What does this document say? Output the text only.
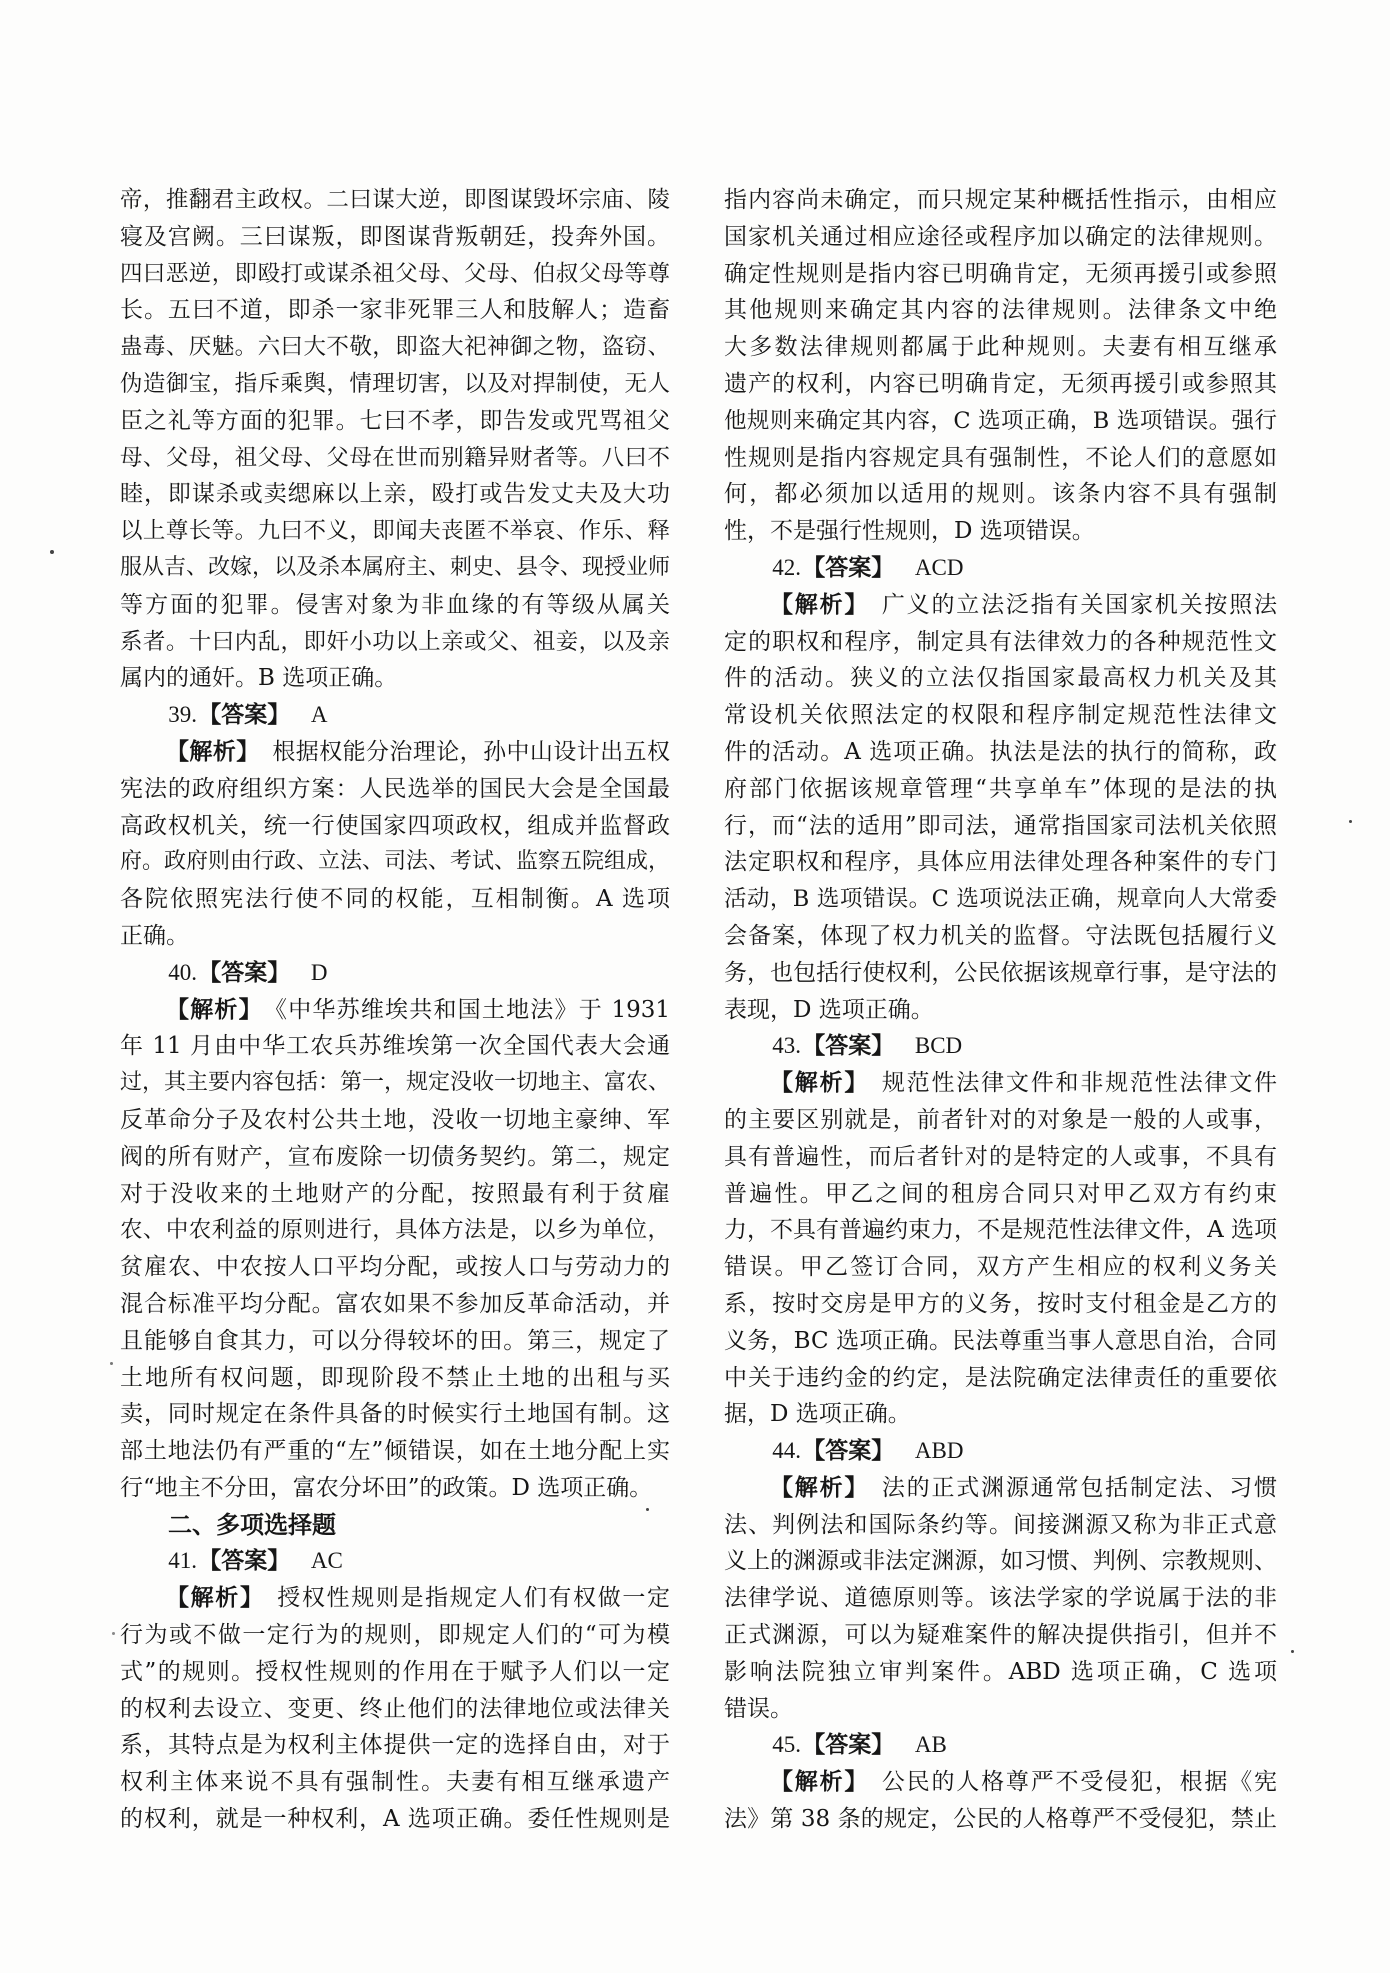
帝，推翻君主政权。二曰谋大逆，即图谋毁坏宗庙、陵
寝及宫阙。三曰谋叛，即图谋背叛朝廷，投奔外国。
四曰恶逆，即殴打或谋杀祖父母、父母、伯叔父母等尊
长。五曰不道，即杀一家非死罪三人和肢解人；造畜
蛊毒、厌魅。六曰大不敬，即盗大祀神御之物，盗窃、
伪造御宝，指斥乘舆，情理切害，以及对捍制使，无人
臣之礼等方面的犯罪。七曰不孝，即告发或咒骂祖父
母、父母，祖父母、父母在世而别籍异财者等。八曰不
睦，即谋杀或卖缌麻以上亲，殴打或告发丈夫及大功
以上尊长等。九曰不义，即闻夫丧匿不举哀、作乐、释
服从吉、改嫁，以及杀本属府主、刺史、县令、现授业师
等方面的犯罪。侵害对象为非血缘的有等级从属关
系者。十曰内乱，即奸小功以上亲或父、祖妾，以及亲
属内的通奸。B 选项正确。
39.【答案】 A
【解析】 根据权能分治理论，孙中山设计出五权
宪法的政府组织方案：人民选举的国民大会是全国最
高政权机关，统一行使国家四项政权，组成并监督政
府。政府则由行政、立法、司法、考试、监察五院组成，
各院依照宪法行使不同的权能，互相制衡。A 选项
正确。
40.【答案】 D
【解析】 《中华苏维埃共和国土地法》于 1931
年 11 月由中华工农兵苏维埃第一次全国代表大会通
过，其主要内容包括：第一，规定没收一切地主、富农、
反革命分子及农村公共土地，没收一切地主豪绅、军
阀的所有财产，宣布废除一切债务契约。第二，规定
对于没收来的土地财产的分配，按照最有利于贫雇
农、中农利益的原则进行，具体方法是，以乡为单位，
贫雇农、中农按人口平均分配，或按人口与劳动力的
混合标准平均分配。富农如果不参加反革命活动，并
且能够自食其力，可以分得较坏的田。第三，规定了
土地所有权问题，即现阶段不禁止土地的出租与买
卖，同时规定在条件具备的时候实行土地国有制。这
部土地法仍有严重的“左”倾错误，如在土地分配上实
行“地主不分田，富农分坏田”的政策。D 选项正确。
二、多项选择题
41.【答案】 AC
【解析】 授权性规则是指规定人们有权做一定
行为或不做一定行为的规则，即规定人们的“可为模
式”的规则。授权性规则的作用在于赋予人们以一定
的权利去设立、变更、终止他们的法律地位或法律关
系，其特点是为权利主体提供一定的选择自由，对于
权利主体来说不具有强制性。夫妻有相互继承遗产
的权利，就是一种权利，A 选项正确。委任性规则是
指内容尚未确定，而只规定某种概括性指示，由相应
国家机关通过相应途径或程序加以确定的法律规则。
确定性规则是指内容已明确肯定，无须再援引或参照
其他规则来确定其内容的法律规则。法律条文中绝
大多数法律规则都属于此种规则。夫妻有相互继承
遗产的权利，内容已明确肯定，无须再援引或参照其
他规则来确定其内容，C 选项正确，B 选项错误。强行
性规则是指内容规定具有强制性，不论人们的意愿如
何，都必须加以适用的规则。该条内容不具有强制
性，不是强行性规则，D 选项错误。
42.【答案】 ACD
【解析】 广义的立法泛指有关国家机关按照法
定的职权和程序，制定具有法律效力的各种规范性文
件的活动。狭义的立法仅指国家最高权力机关及其
常设机关依照法定的权限和程序制定规范性法律文
件的活动。A 选项正确。执法是法的执行的简称，政
府部门依据该规章管理“共享单车”体现的是法的执
行，而“法的适用”即司法，通常指国家司法机关依照
法定职权和程序，具体应用法律处理各种案件的专门
活动，B 选项错误。C 选项说法正确，规章向人大常委
会备案，体现了权力机关的监督。守法既包括履行义
务，也包括行使权利，公民依据该规章行事，是守法的
表现，D 选项正确。
43.【答案】 BCD
【解析】 规范性法律文件和非规范性法律文件
的主要区别就是，前者针对的对象是一般的人或事，
具有普遍性，而后者针对的是特定的人或事，不具有
普遍性。甲乙之间的租房合同只对甲乙双方有约束
力，不具有普遍约束力，不是规范性法律文件，A 选项
错误。甲乙签订合同，双方产生相应的权利义务关
系，按时交房是甲方的义务，按时支付租金是乙方的
义务，BC 选项正确。民法尊重当事人意思自治，合同
中关于违约金的约定，是法院确定法律责任的重要依
据，D 选项正确。
44.【答案】 ABD
【解析】 法的正式渊源通常包括制定法、习惯
法、判例法和国际条约等。间接渊源又称为非正式意
义上的渊源或非法定渊源，如习惯、判例、宗教规则、
法律学说、道德原则等。该法学家的学说属于法的非
正式渊源，可以为疑难案件的解决提供指引，但并不
影响法院独立审判案件。ABD 选项正确，C 选项
错误。
45.【答案】 AB
【解析】 公民的人格尊严不受侵犯，根据《宪
法》第 38 条的规定，公民的人格尊严不受侵犯，禁止
